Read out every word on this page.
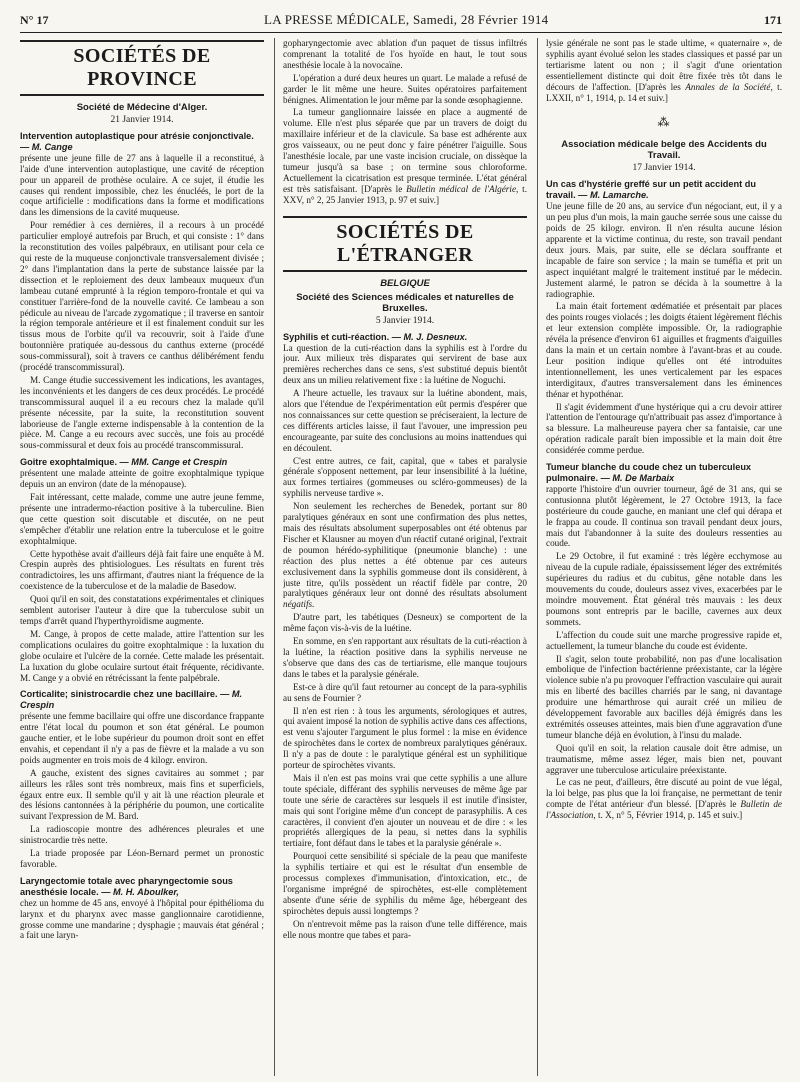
N° 17	LA PRESSE MÉDICALE, Samedi, 28 Février 1914	171
SOCIÉTÉS DE PROVINCE
Société de Médecine d'Alger.
21 Janvier 1914.
Intervention autoplastique pour atrésie conjonctivale. — M. Cange

présente une jeune fille de 27 ans à laquelle il a reconstitué, à l'aide d'une intervention autoplastique, une cavité de réception pour un appareil de prothèse oculaire. A ce sujet, il étudie les causes qui rendent impossible, chez les énucléés, le port de la coque artificielle : modifications dans la forme et modifications dans les dimensions de la cavité muqueuse.

Pour remédier à ces dernières, il a recours à un procédé particulier employé autrefois par Bruch, et qui consiste : 1° dans la reconstitution des voiles palpébraux, en utilisant pour cela ce qui reste de la muqueuse conjonctivale transversalement divisée ; 2° dans l'implantation dans la perte de substance laissée par la dissection et le reploiement des deux lambeaux muqueux d'un lambeau cutané emprunté à la région temporo-frontale et qui va constituer l'arrière-fond de la nouvelle cavité. Ce lambeau a son pédicule au niveau de l'arcade zygomatique ; il traverse en santoir la région temporale antérieure et il est finalement conduit sur les tissus mous de l'orbite qu'il va recouvrir, soit à l'aide d'une boutonnière pratiquée au-dessous du canthus externe (procédé sous-commissural), soit à travers ce canthus délibérément fendu (procédé transcommissural).

M. Cange étudie successivement les indications, les avantages, les inconvénients et les dangers de ces deux procédés. Le procédé transcommissural auquel il a eu recours chez la malade qu'il présente nécessite, par la suite, la reconstitution souvent laborieuse de l'angle externe indispensable à la contention de la pièce. M. Cange a eu recours avec succès, une fois au procédé sous-commissural et deux fois au procédé transcommissural.

Goitre exophtalmique. — MM. Cange et Crespin

présentent une malade atteinte de goitre exophtalmique typique depuis un an environ (date de la ménopause).

Fait intéressant, cette malade, comme une autre jeune femme, présente une intradermo-réaction positive à la tuberculine. Bien que cette question soit discutable et discutée, on ne peut s'empêcher d'établir une relation entre la tuberculose et le goitre exophtalmique.

Cette hypothèse avait d'ailleurs déjà fait faire une enquête à M. Crespin auprès des phtisiologues. Les résultats en furent très contradictoires, les uns affirmant, d'autres niant la fréquence de la coexistence de la tuberculose et de la maladie de Basedow.

Quoi qu'il en soit, des constatations expérimentales et cliniques semblent autoriser l'auteur à dire que la tuberculose subit un temps d'arrêt quand l'hyperthyroïdisme augmente.

M. Cange, à propos de cette malade, attire l'attention sur les complications oculaires du goitre exophtalmique : la luxation du globe oculaire et l'ulcère de la cornée. Cette malade les présentait. La luxation du globe oculaire surtout était fréquente, récidivante. M. Cange y a obvié en rétrécissant la fente palpébrale.

Corticalite; sinistrocardie chez une bacillaire. — M. Crespin

présente une femme bacillaire qui offre une discordance frappante entre l'état local du poumon et son état général. Le poumon gauche entier, et le lobe supérieur du poumon droit sont en effet envahis, et cependant il n'y a pas de fièvre et la malade a vu son poids augmenter en trois mois de 4 kilogr. environ.

A gauche, existent des signes cavitaires au sommet ; par ailleurs les râles sont très nombreux, mais fins et superficiels, égaux entre eux. Il semble qu'il y ait là une réaction pleurale et des lésions cantonnées à la périphérie du poumon, une corticalite suivant l'expression de M. Bard.

La radioscopie montre des adhérences pleurales et une sinistrocardie très nette.

La triade proposée par Léon-Bernard permet un pronostic favorable.

Laryngectomie totale avec pharyngectomie sous anesthésie locale. — M. H. Aboulker,

chez un homme de 45 ans, envoyé à l'hôpital pour épithélioma du larynx et du pharynx avec masse ganglionnaire carotidienne, grosse comme une mandarine ; dysphagie ; mauvais état général ; a fait une laryn-

gopharyngectomie avec ablation d'un paquet de tissus infiltrés comprenant la totalité de l'os hyoïde en haut, le tout sous anesthésie locale à la novocaïne.

L'opération a duré deux heures un quart. Le malade a refusé de garder le lit même une heure. Suites opératoires parfaitement bénignes. Alimentation le jour même par la sonde œsophagienne.

La tumeur ganglionnaire laissée en place a augmenté de volume. Elle n'est plus séparée que par un travers de doigt du maxillaire inférieur et de la clavicule. Sa base est adhérente aux gros vaisseaux, ou ne peut donc y faire pénétrer l'aiguille. Sous l'anesthésie locale, par une vaste incision cruciale, on dissèque la tumeur jusqu'à sa base ; on termine sous chloroforme. Actuellement la cicatrisation est presque terminée. L'état général est très satisfaisant. [D'après le Bulletin médical de l'Algérie, t. XXV, n° 2, 25 Janvier 1913, p. 97 et suiv.]

SOCIÉTÉS DE L'ÉTRANGER
BELGIQUE
Société des Sciences médicales et naturelles de Bruxelles.
5 Janvier 1914.
Syphilis et cuti-réaction. — M. J. Desneux.

La question de la cuti-réaction dans la syphilis est à l'ordre du jour. Aux milieux très disparates qui servirent de base aux premières recherches dans ce sens, s'est substitué depuis bientôt deux ans un milieu relativement fixe : la luétine de Noguchi.

A l'heure actuelle, les travaux sur la luétine abondent, mais, alors que l'étendue de l'expérimentation eût permis d'espérer que nos connaissances sur cette question se préciseraient, la lecture de ces différents articles laisse, il faut l'avouer, une impression peu encourageante, par suite des conclusions au moins inattendues qui en découlent.

C'est entre autres, ce fait, capital, que « tabes et paralysie générale s'opposent nettement, par leur insensibilité à la luétine, aux formes tertiaires (gommeuses ou scléro-gommeuses) de la syphilis nerveuse tardive ».

Non seulement les recherches de Benedek, portant sur 80 paralytiques généraux en sont une confirmation des plus nettes, mais des résultats absolument superposables ont été obtenus par Fischer et Klausner au moyen d'un réactif cutané original, l'extrait de poumon hérédo-syphilitique (pneumonie blanche) : une réaction des plus nettes a été obtenue par ces auteurs exclusivement dans la syphilis gommeuse dont ils considèrent, à juste titre, qu'ils possèdent un réactif fidèle par contre, 20 paralytiques généraux leur ont donné des résultats absolument négatifs.

D'autre part, les tabétiques (Desneux) se comportent de la même façon vis-à-vis de la luétine.

En somme, en s'en rapportant aux résultats de la cuti-réaction à la luétine, la réaction positive dans la syphilis nerveuse ne s'observe que dans des cas de tertiarisme, elle manque toujours dans le tabes et la paralysie générale.

Est-ce à dire qu'il faut retourner au concept de la para-syphilis au sens de Fournier ?

Il n'en est rien : à tous les arguments, sérologiques et autres, qui avaient imposé la notion de syphilis active dans ces affections, est venu s'ajouter l'argument le plus formel : la mise en évidence de spirochètes dans le cortex de nombreux paralytiques généraux. Il n'y a pas de doute : le paralytique général est un syphilitique porteur de spirochètes vivants.

Mais il n'en est pas moins vrai que cette syphilis a une allure toute spéciale, différant des syphilis nerveuses de même âge par toute une série de caractères sur lesquels il est inutile d'insister, mais qui sont l'origine même d'un concept de parasyphilis. A ces caractères, il convient d'en ajouter un nouveau et de dire : « les propriétés allergiques de la peau, si nettes dans la syphilis tertiaire, font défaut dans le tabes et la paralysie générale ».

Pourquoi cette sensibilité si spéciale de la peau que manifeste la syphilis tertiaire et qui est le résultat d'un ensemble de processus complexes d'immunisation, d'intoxication, etc., de l'organisme imprégné de spirochètes, est-elle complètement absente d'une série de syphilis du même âge, hébergeant des spirochètes depuis aussi longtemps ?

On n'entrevoit même pas la raison d'une telle différence, mais elle nous montre que tabes et para-

lysie générale ne sont pas le stade ultime, « quaternaire », de syphilis ayant évolué selon les stades classiques et passé par un tertiarisme latent ou non ; il s'agit d'une orientation essentiellement distincte qui doit être fixée très tôt dans le décours de l'affection. [D'après les Annales de la Société, t. LXXII, n° 1, 1914, p. 14 et suiv.]

⁂
Association médicale belge des Accidents du Travail.
17 Janvier 1914.
Un cas d'hystérie greffé sur un petit accident du travail. — M. Lamarche.

Une jeune fille de 20 ans, au service d'un négociant, eut, il y a un peu plus d'un mois, la main gauche serrée sous une caisse du poids de 25 kilogr. environ. Il n'en résulta aucune lésion apparente et la victime continua, du reste, son travail pendant deux jours. Mais, par suite, elle se déclara souffrante et incapable de faire son service ; la main se tuméfia et prit un aspect inquiétant malgré le traitement institué par le médecin. Justement alarmé, le patron se décida à la soumettre à la radiographie.

La main était fortement œdématiée et présentait par places des points rouges violacés ; les doigts étaient légèrement fléchis et leur extension complète impossible. Or, la radiographie révéla la présence d'environ 61 aiguilles et fragments d'aiguilles dans la main et un certain nombre à l'avant-bras et au coude. Leur position indique qu'elles ont été introduites intentionnellement, les unes verticalement par les espaces interdigitaux, d'autres transversalement dans les éminences thénar et hypothénar.

Il s'agit évidemment d'une hystérique qui a cru devoir attirer l'attention de l'entourage qu'n'attribuait pas assez d'importance à sa blessure. La malheureuse payera cher sa fantaisie, car une opération radicale paraît bien impossible et la main doit être considérée comme perdue.

Tumeur blanche du coude chez un tuberculeux pulmonaire. — M. De Marbaix

rapporte l'histoire d'un ouvrier tourneur, âgé de 31 ans, qui se contusionna plutôt légèrement, le 27 Octobre 1913, la face postérieure du coude gauche, en maniant une clef qui dérapa et le frappa au coude. Il continua son travail pendant deux jours, mais dut l'abandonner à la suite des douleurs ressenties au coude.

Le 29 Octobre, il fut examiné : très légère ecchymose au niveau de la cupule radiale, épaississement léger des extrémités supérieures du radius et du cubitus, gêne notable dans les mouvements du coude, douleurs assez vives, exacerbées par le moindre mouvement. État général très mauvais : les deux poumons sont entrepris par le bacille, cavernes aux deux sommets.

L'affection du coude suit une marche progressive rapide et, actuellement, la tumeur blanche du coude est évidente.

Il s'agit, selon toute probabilité, non pas d'une localisation embolique de l'infection bactérienne préexistante, car la légère violence subie n'a pu provoquer l'effraction vasculaire qui aurait mis en liberté des bacilles charriés par le sang, ni davantage produire une hémarthrose qui aurait créé un milieu de développement favorable aux bacilles déjà émigrés dans les extrémités osseuses atteintes, mais bien d'une aggravation d'une tumeur blanche déjà en évolution, à l'insu du malade.

Quoi qu'il en soit, la relation causale doit être admise, un traumatisme, même assez léger, mais bien net, pouvant aggraver une tuberculose articulaire préexistante.

Le cas ne peut, d'ailleurs, être discuté au point de vue légal, la loi belge, pas plus que la loi française, ne permettant de tenir compte de l'état antérieur d'un blessé. [D'après le Bulletin de l'Association, t. X, n° 5, Février 1914, p. 145 et suiv.]
